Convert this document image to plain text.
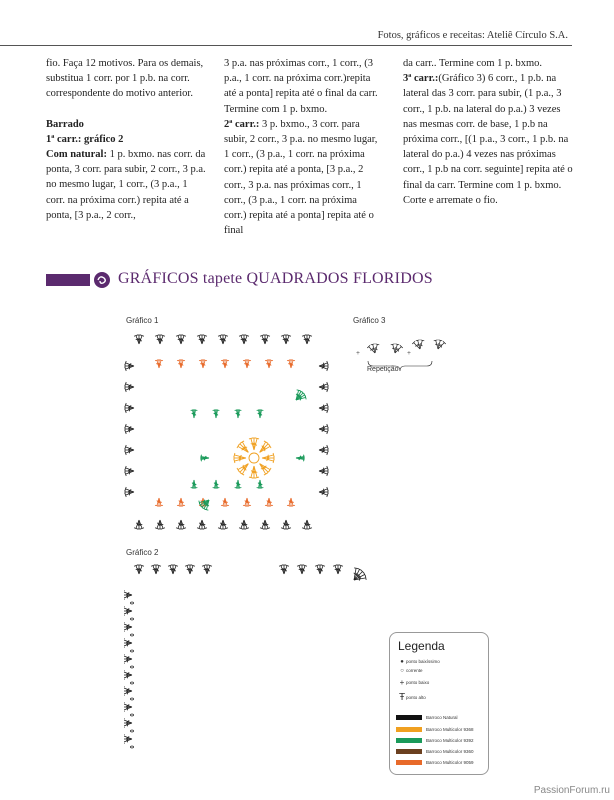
Fotos, gráficos e receitas: Ateliê Círculo S.A.

fio. Faça 12 motivos. Para os demais, substitua 1 corr. por 1 p.b. na corr. correspondente do motivo anterior.

Barrado

1ª carr.: gráfico 2

Com natural: 1 p. bxmo. nas corr. da ponta, 3 corr. para subir, 2 corr., 3 p.a. no mesmo lugar, 1 corr., (3 p.a., 1 corr. na próxima corr.) repita até a ponta, [3 p.a., 2 corr.,

3 p.a. nas próximas corr., 1 corr., (3 p.a., 1 corr. na próxima corr.)repita até a ponta] repita até o final da carr. Termine com 1 p. bxmo.

2ª carr.: 3 p. bxmo., 3 corr. para subir, 2 corr., 3 p.a. no mesmo lugar, 1 corr., (3 p.a., 1 corr. na próxima corr.) repita até a ponta, [3 p.a., 2 corr., 3 p.a. nas próximas corr., 1 corr., (3 p.a., 1 corr. na próxima corr.) repita até a ponta] repita até o final

da carr.. Termine com 1 p. bxmo.

3ª carr.:(Gráfico 3) 6 corr., 1 p.b. na lateral das 3 corr. para subir, (1 p.a., 3 corr., 1 p.b. na lateral do p.a.) 3 vezes nas mesmas corr. de base, 1 p.b na próxima corr., [(1 p.a., 3 corr., 1 p.b. na lateral do p.a.) 4 vezes nas próximas corr., 1 p.b na corr. seguinte] repita até o final da carr. Termine com 1 p. bxmo. Corte e arremate o fio.

GRÁFICOS tapete QUADRADOS FLORIDOS
Gráfico 1	Gráfico 3
Gráfico 2
+	+
Repetição
Legenda
● ponto baixíssimo
○ corrente
+ ponto baixo
Ŧ ponto alto
Barroco Natural
Barroco Multicolor 9368
Barroco Multicolor 9392
Barroco Multicolor 9360
Barroco Multicolor 9059
PassionForum.ru
